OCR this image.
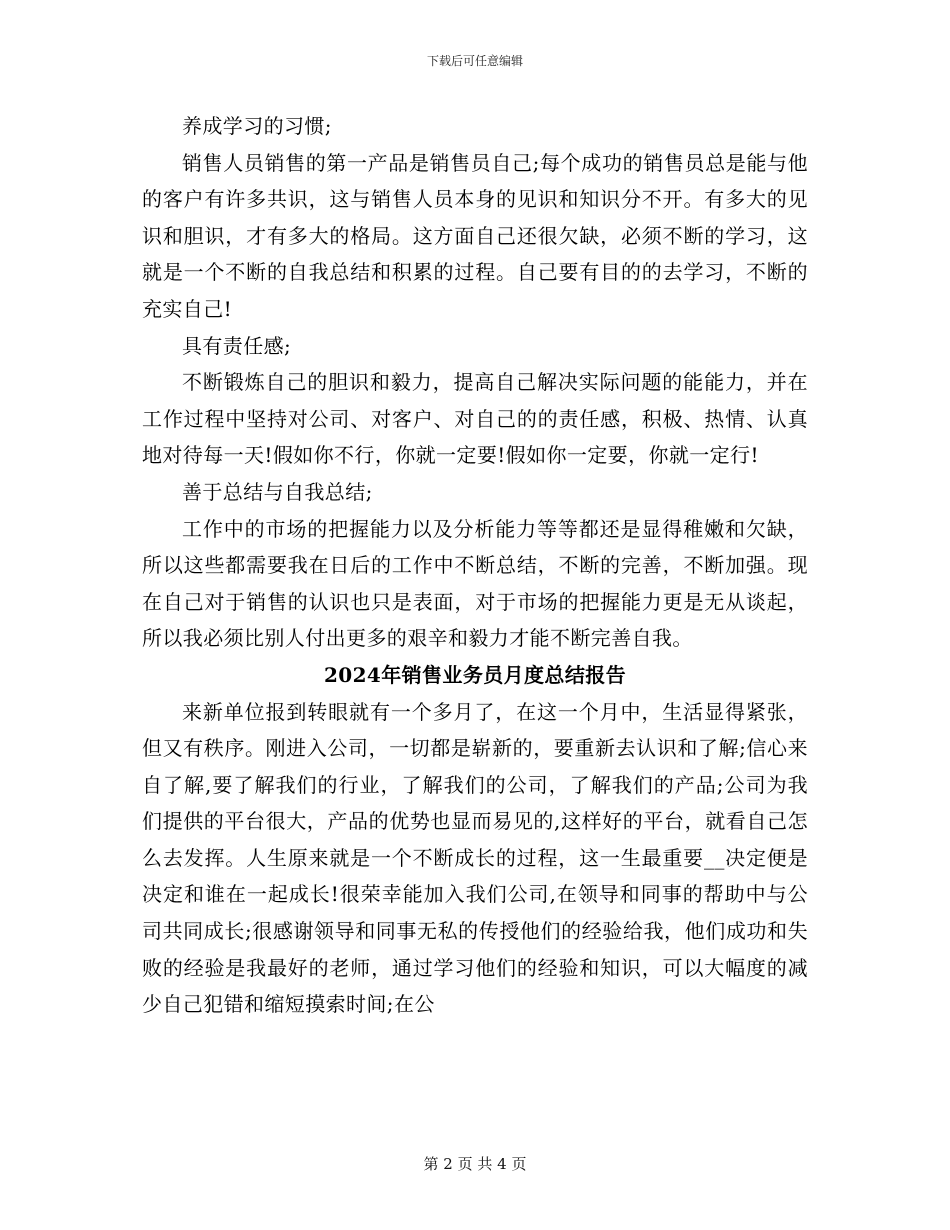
下载后可任意编辑

养成学习的习惯;

销售人员销售的第一产品是销售员自己;每个成功的销售员总是能与他的客户有许多共识，这与销售人员本身的见识和知识分不开。有多大的见识和胆识，才有多大的格局。这方面自己还很欠缺，必须不断的学习，这就是一个不断的自我总结和积累的过程。自己要有目的的去学习，不断的充实自己!

具有责任感;

不断锻炼自己的胆识和毅力，提高自己解决实际问题的能能力，并在工作过程中坚持对公司、对客户、对自己的的责任感，积极、热情、认真地对待每一天!假如你不行，你就一定要!假如你一定要，你就一定行!

善于总结与自我总结;

工作中的市场的把握能力以及分析能力等等都还是显得稚嫩和欠缺，所以这些都需要我在日后的工作中不断总结，不断的完善，不断加强。现在自己对于销售的认识也只是表面，对于市场的把握能力更是无从谈起，所以我必须比别人付出更多的艰辛和毅力才能不断完善自我。

2024年销售业务员月度总结报告

来新单位报到转眼就有一个多月了，在这一个月中，生活显得紧张，但又有秩序。刚进入公司，一切都是崭新的，要重新去认识和了解;信心来自了解,要了解我们的行业，了解我们的公司，了解我们的产品;公司为我们提供的平台很大，产品的优势也显而易见的,这样好的平台，就看自己怎么去发挥。人生原来就是一个不断成长的过程，这一生最重要__决定便是决定和谁在一起成长!很荣幸能加入我们公司,在领导和同事的帮助中与公司共同成长;很感谢领导和同事无私的传授他们的经验给我，他们成功和失败的经验是我最好的老师，通过学习他们的经验和知识，可以大幅度的减少自己犯错和缩短摸索时间;在公

第 2 页 共 4 页
